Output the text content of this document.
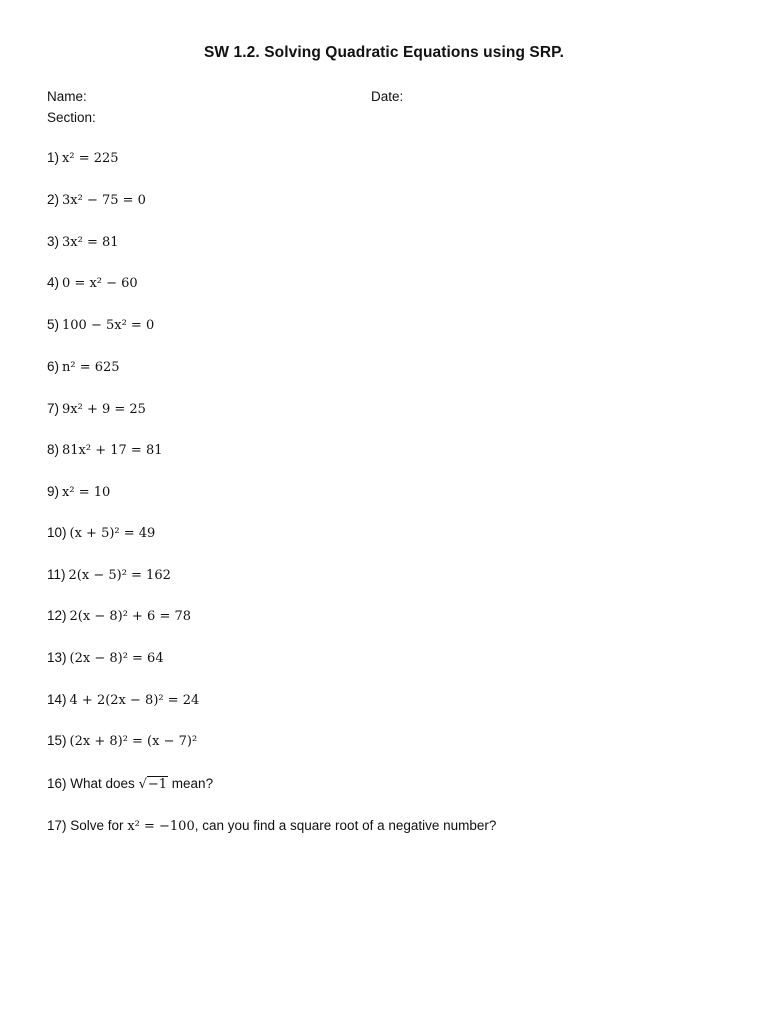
SW 1.2. Solving Quadratic Equations using SRP.
Name:	Date:
Section:
1) x² = 225
2) 3x² − 75 = 0
3) 3x² = 81
4) 0 = x² − 60
5) 100 − 5x² = 0
6) n² = 625
7) 9x² + 9 = 25
8) 81x² + 17 = 81
9) x² = 10
10) (x + 5)² = 49
11) 2(x − 5)² = 162
12) 2(x − 8)² + 6 = 78
13) (2x − 8)² = 64
14) 4 + 2(2x − 8)² = 24
15) (2x + 8)² = (x − 7)²
16) What does √−1 mean?
17) Solve for x² = −100, can you find a square root of a negative number?
